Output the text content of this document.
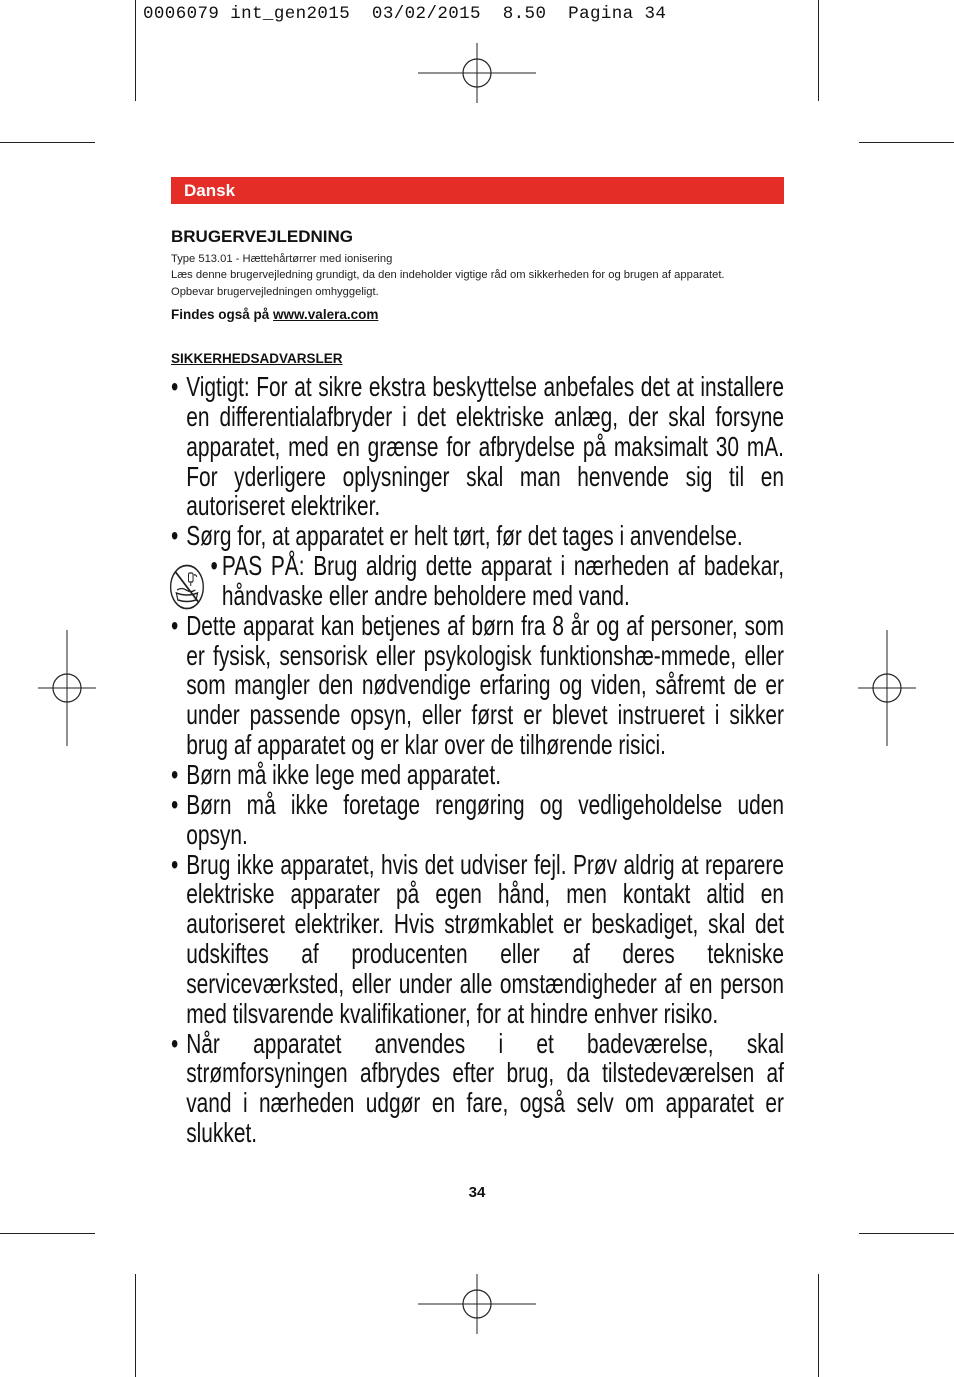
0006079 int_gen2015  03/02/2015  8.50  Pagina 34
Dansk
BRUGERVEJLEDNING
Type 513.01 - Hættehårtørrer med ionisering
Læs denne brugervejledning grundigt, da den indeholder vigtige råd om sikkerheden for og brugen af apparatet.
Opbevar brugervejledningen omhyggeligt.
Findes også på www.valera.com
SIKKERHEDSADVARSLER
• Vigtigt: For at sikre ekstra beskyttelse anbefales det at installere en differentialafbryder i det elektriske anlæg, der skal forsyne apparatet, med en grænse for afbrydelse på maksimalt 30 mA. For yderligere oplysninger skal man henvende sig til en autoriseret elektriker.
• Sørg for, at apparatet er helt tørt, før det tages i anvendelse.
• PAS PÅ: Brug aldrig dette apparat i nærheden af badekar, håndvaske eller andre beholdere med vand.
• Dette apparat kan betjenes af børn fra 8 år og af personer, som er fysisk, sensorisk eller psykologisk funktionshæ-mmede, eller som mangler den nødvendige erfaring og viden, såfremt de er under passende opsyn, eller først er blevet instrueret i sikker brug af apparatet og er klar over de tilhørende risici.
• Børn må ikke lege med apparatet.
• Børn må ikke foretage rengøring og vedligeholdelse uden opsyn.
• Brug ikke apparatet, hvis det udviser fejl. Prøv aldrig at reparere elektriske apparater på egen hånd, men kontakt altid en autoriseret elektriker. Hvis strømkablet er beskadiget, skal det udskiftes af producenten eller af deres tekniske serviceværksted, eller under alle omstændigheder af en person med tilsvarende kvalifikationer, for at hindre enhver risiko.
• Når apparatet anvendes i et badeværelse, skal strømforsyningen afbrydes efter brug, da tilstedeværelsen af vand i nærheden udgør en fare, også selv om apparatet er slukket.
34
